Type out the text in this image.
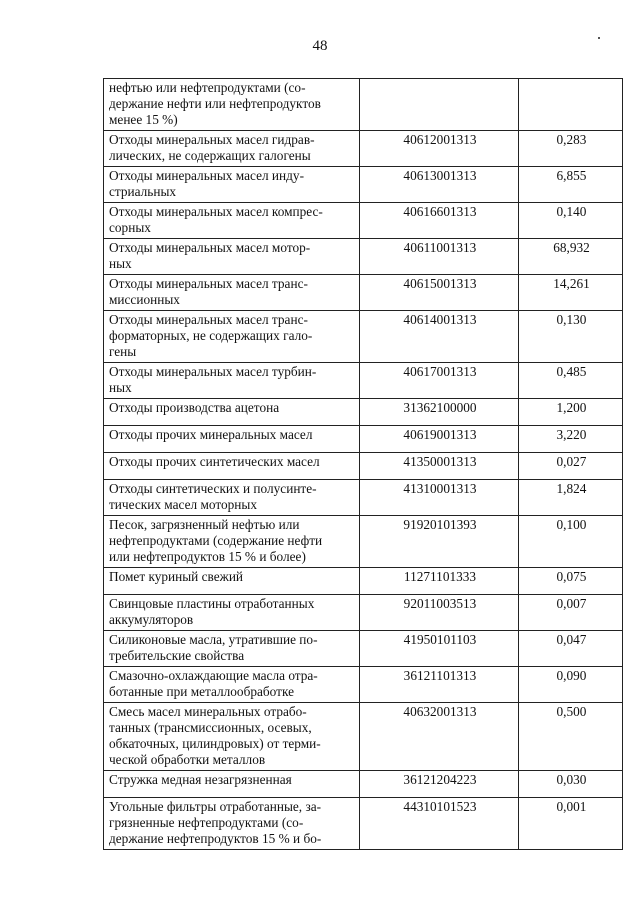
48
нефтью или нефтепродуктами (со-
держание нефти или нефтепродуктов
менее 15 %)		

Отходы минеральных масел гидрав-
лических, не содержащих галогены	40612001313	0,283

Отходы минеральных масел инду-
стриальных	40613001313	6,855

Отходы минеральных масел компрес-
сорных	40616601313	0,140

Отходы минеральных масел мотор-
ных	40611001313	68,932

Отходы минеральных масел транс-
миссионных	40615001313	14,261

Отходы минеральных масел транс-
форматорных, не содержащих гало-
гены	40614001313	0,130

Отходы минеральных масел турбин-
ных	40617001313	0,485

Отходы производства ацетона	31362100000	1,200

Отходы прочих минеральных масел	40619001313	3,220

Отходы прочих синтетических масел	41350001313	0,027

Отходы синтетических и полусинте-
тических масел моторных	41310001313	1,824

Песок, загрязненный нефтью или
нефтепродуктами (содержание нефти
или нефтепродуктов 15 % и более)	91920101393	0,100

Помет куриный свежий	11271101333	0,075

Свинцовые пластины отработанных
аккумуляторов	92011003513	0,007

Силиконовые масла, утратившие по-
требительские свойства	41950101103	0,047

Смазочно-охлаждающие масла отра-
ботанные при металлообработке	36121101313	0,090

Смесь масел минеральных отрабо-
танных (трансмиссионных, осевых,
обкаточных, цилиндровых) от терми-
ческой обработки металлов	40632001313	0,500

Стружка медная незагрязненная	36121204223	0,030

Угольные фильтры отработанные, за-
грязненные нефтепродуктами (со-
держание нефтепродуктов 15 % и бо-	44310101523	0,001
